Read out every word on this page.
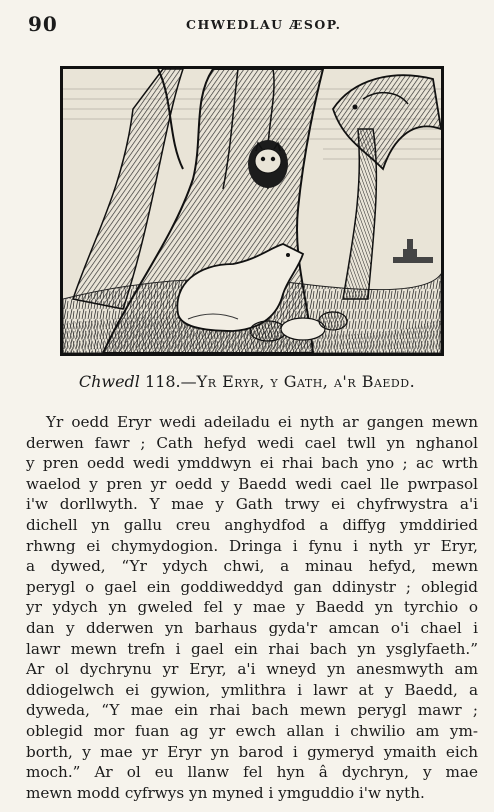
90	CHWEDLAU ÆSOP.
Chwedl 118.—Yr Eryr, y Gath, a'r Baedd.
Yr oedd Eryr wedi adeiladu ei nyth ar gangen mewn
derwen fawr ; Cath hefyd wedi cael twll yn nghanol
y pren oedd wedi ymddwyn ei rhai bach yno ; ac wrth
waelod y pren yr oedd y Baedd wedi cael lle pwrpasol
i'w dorllwyth. Y mae y Gath trwy ei chyfrwystra a'i
dichell yn gallu creu anghydfod a diffyg ymddiried
rhwng ei chymydogion. Dringa i fynu i nyth yr Eryr,
a dywed, “Yr ydych chwi, a minau hefyd, mewn
perygl o gael ein goddiweddyd gan ddinystr ; oblegid
yr ydych yn gweled fel y mae y Baedd yn tyrchio o
dan y dderwen yn barhaus gyda'r amcan o'i chael i
lawr mewn trefn i gael ein rhai bach yn ysglyfaeth.”
Ar ol dychrynu yr Eryr, a'i wneyd yn anesmwyth am
ddiogelwch ei gywion, ymlithra i lawr at y Baedd, a
dyweda, “Y mae ein rhai bach mewn perygl mawr ;
oblegid mor fuan ag yr ewch allan i chwilio am ym-
borth, y mae yr Eryr yn barod i gymeryd ymaith eich
moch.” Ar ol eu llanw fel hyn â dychryn, y mae
mewn modd cyfrwys yn myned i ymguddio i'w nyth.
